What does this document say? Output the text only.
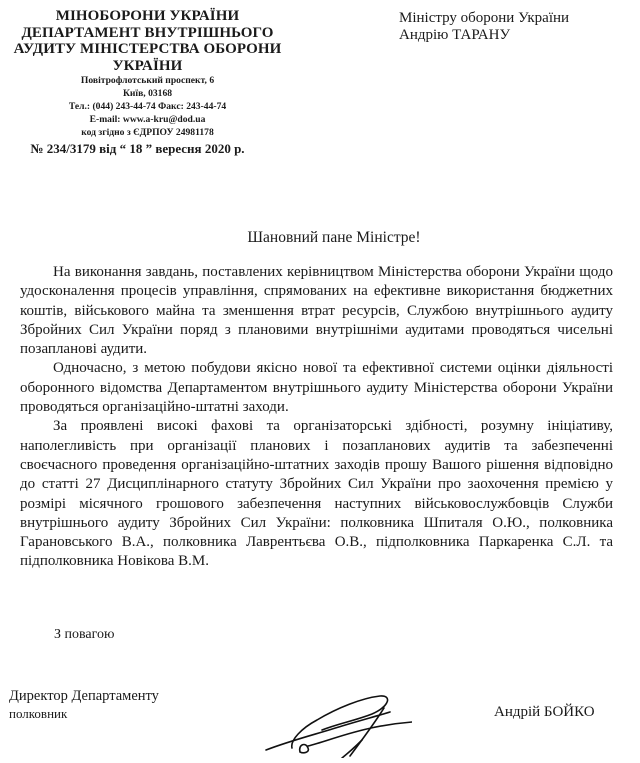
МІНОБОРОНИ УКРАЇНИ
ДЕПАРТАМЕНТ ВНУТРІШНЬОГО
АУДИТУ МІНІСТЕРСТВА ОБОРОНИ
УКРАЇНИ
Повітрофлотський проспект, 6
Київ, 03168
Тел.: (044) 243-44-74 Факс: 243-44-74
E-mail: www.a-kru@dod.ua
код згідно з ЄДРПОУ 24981178
№ 234/3179 від “ 18 ” вересня 2020 р.
Міністру оборони України
Андрію ТАРАНУ
Шановний пане Міністре!

На виконання завдань, поставлених керівництвом Міністерства оборони України щодо удосконалення процесів управління, спрямованих на ефективне використання бюджетних коштів, військового майна та зменшення втрат ресурсів, Службою внутрішнього аудиту Збройних Сил України поряд з плановими внутрішніми аудитами проводяться чисельні позапланові аудити.

Одночасно, з метою побудови якісно нової та ефективної системи оцінки діяльності оборонного відомства Департаментом внутрішнього аудиту Міністерства оборони України проводяться організаційно-штатні заходи.

За проявлені високі фахові та організаторські здібності, розумну ініціативу, наполегливість при організації планових і позапланових аудитів та забезпеченні своєчасного проведення організаційно-штатних заходів прошу Вашого рішення відповідно до статті 27 Дисциплінарного статуту Збройних Сил України про заохочення премією у розмірі місячного грошового забезпечення наступних військовослужбовців Служби внутрішнього аудиту Збройних Сил України: полковника Шпиталя О.Ю., полковника Гарановського В.А., полковника Лаврентьєва О.В., підполковника Паркаренка С.Л. та підполковника Новікова В.М.

З повагою
Директор Департаменту
полковник	Андрій БОЙКО
